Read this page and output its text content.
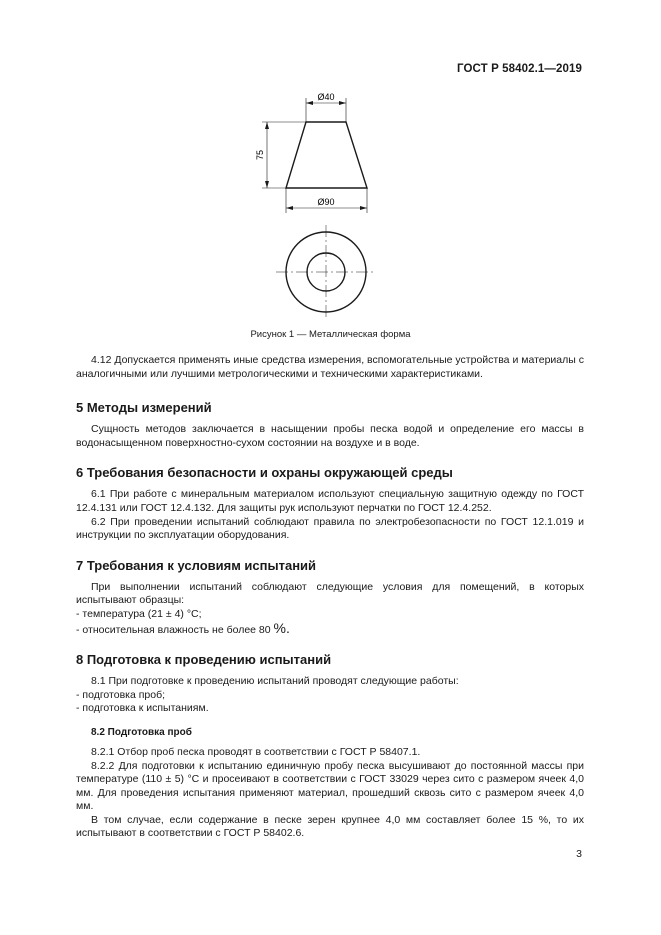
ГОСТ Р 58402.1—2019
Ø40
75
Ø90
Рисунок 1 — Металлическая форма

4.12 Допускается применять иные средства измерения, вспомогательные устройства и материалы с аналогичными или лучшими метрологическими и техническими характеристиками.

5 Методы измерений

Сущность методов заключается в насыщении пробы песка водой и определение его массы в водонасыщенном поверхностно-сухом состоянии на воздухе и в воде.

6 Требования безопасности и охраны окружающей среды

6.1 При работе с минеральным материалом используют специальную защитную одежду по ГОСТ 12.4.131 или ГОСТ 12.4.132. Для защиты рук используют перчатки по ГОСТ 12.4.252.

6.2 При проведении испытаний соблюдают правила по электробезопасности по ГОСТ 12.1.019 и инструкции по эксплуатации оборудования.

7 Требования к условиям испытаний

При выполнении испытаний соблюдают следующие условия для помещений, в которых испытывают образцы:

- температура (21 ± 4) °С;

- относительная влажность не более 80 %.

8 Подготовка к проведению испытаний

8.1 При подготовке к проведению испытаний проводят следующие работы:

- подготовка проб;

- подготовка к испытаниям.

8.2 Подготовка проб

8.2.1 Отбор проб песка проводят в соответствии с ГОСТ Р 58407.1.

8.2.2 Для подготовки к испытанию единичную пробу песка высушивают до постоянной массы при температуре (110 ± 5) °С и просеивают в соответствии с ГОСТ 33029 через сито с размером ячеек 4,0 мм. Для проведения испытания применяют материал, прошедший сквозь сито с размером ячеек 4,0 мм.

В том случае, если содержание в песке зерен крупнее 4,0 мм составляет более 15 %, то их испытывают в соответствии с ГОСТ Р 58402.6.

3
